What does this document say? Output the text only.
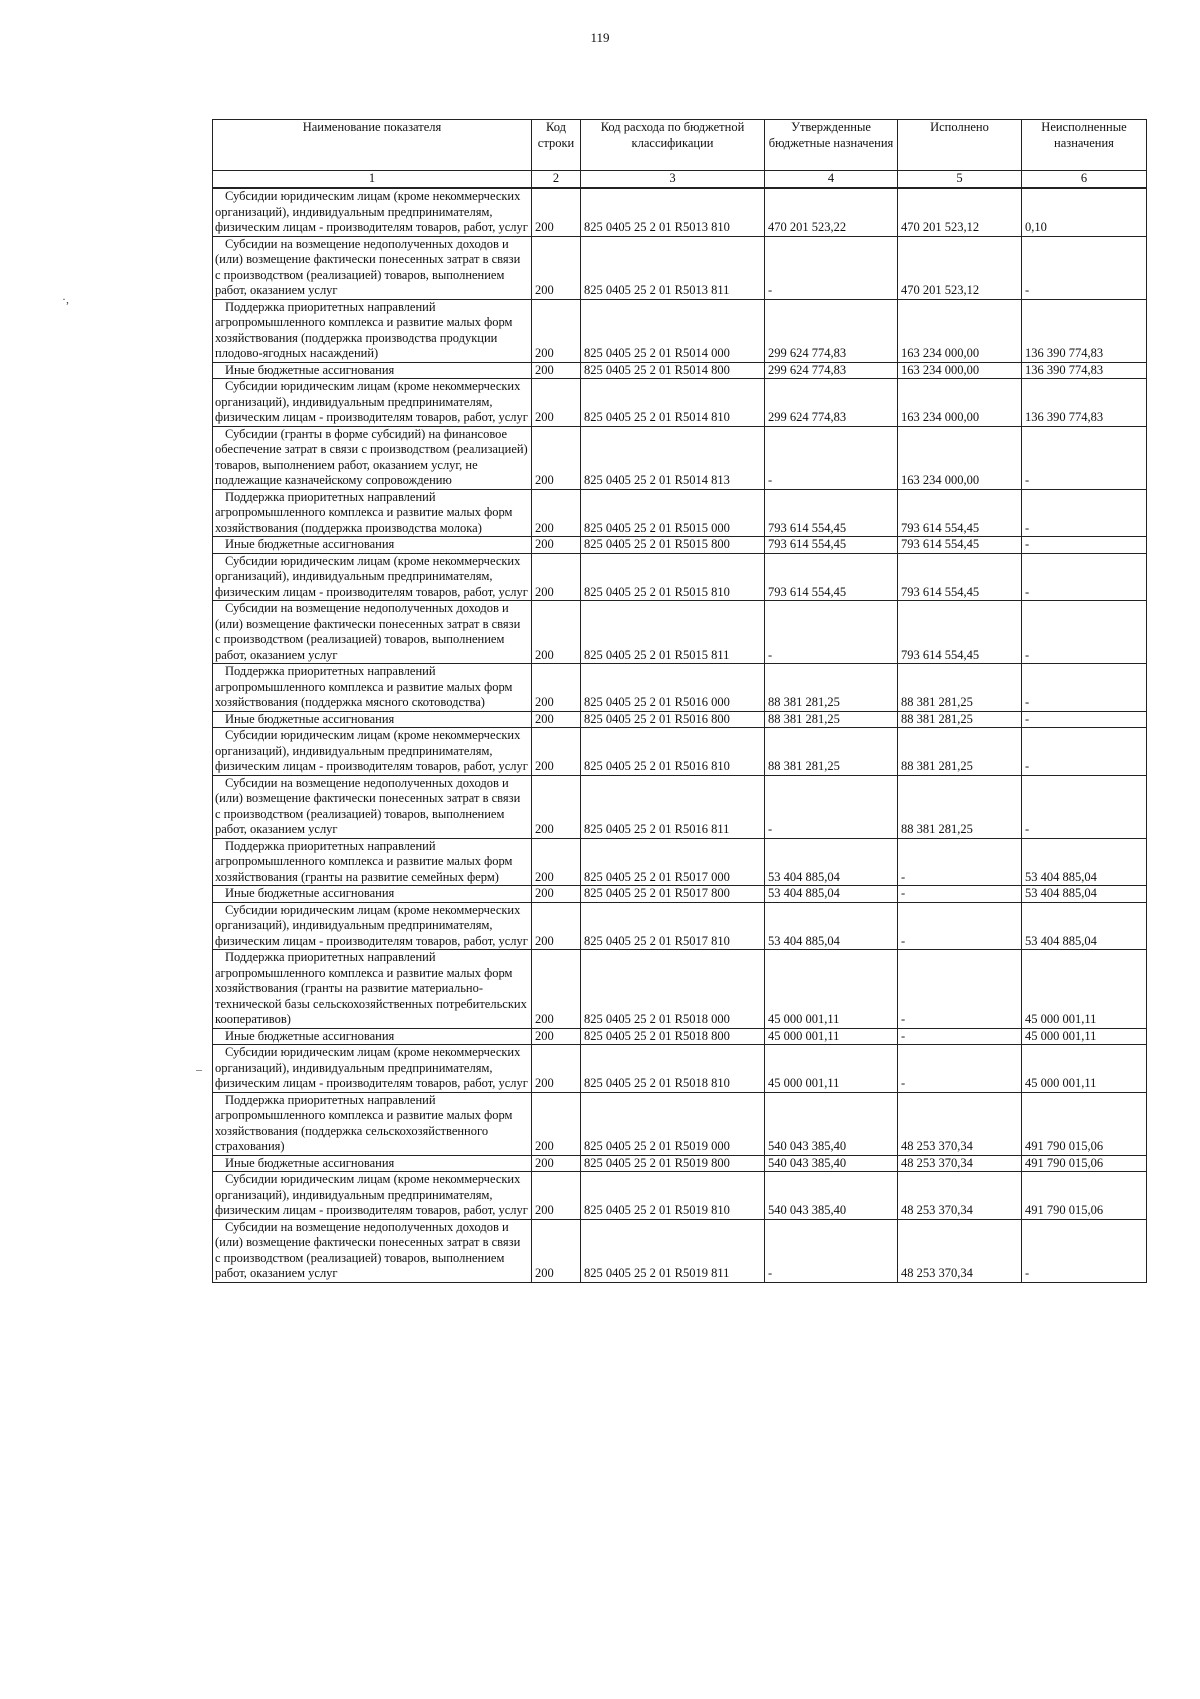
119
·,
–
Наименование показателя	Код строки	Код расхода по бюджетной классификации	Утвержденные бюджетные назначения	Исполнено	Неисполненные назначения
1	2	3	4	5	6
Субсидии юридическим лицам (кроме некоммерческих организаций), индивидуальным предпринимателям, физическим лицам - производителям товаров, работ, услуг	200	825 0405 25 2 01 R5013 810	470 201 523,22	470 201 523,12	0,10
Субсидии на возмещение недополученных доходов и (или) возмещение фактически понесенных затрат в связи с производством (реализацией) товаров, выполнением работ, оказанием услуг	200	825 0405 25 2 01 R5013 811	-	470 201 523,12	-
Поддержка приоритетных направлений агропромышленного комплекса и развитие малых форм хозяйствования (поддержка производства продукции плодово-ягодных насаждений)	200	825 0405 25 2 01 R5014 000	299 624 774,83	163 234 000,00	136 390 774,83
Иные бюджетные ассигнования	200	825 0405 25 2 01 R5014 800	299 624 774,83	163 234 000,00	136 390 774,83
Субсидии юридическим лицам (кроме некоммерческих организаций), индивидуальным предпринимателям, физическим лицам - производителям товаров, работ, услуг	200	825 0405 25 2 01 R5014 810	299 624 774,83	163 234 000,00	136 390 774,83
Субсидии (гранты в форме субсидий) на финансовое обеспечение затрат в связи с производством (реализацией) товаров, выполнением работ, оказанием услуг, не подлежащие казначейскому сопровождению	200	825 0405 25 2 01 R5014 813	-	163 234 000,00	-
Поддержка приоритетных направлений агропромышленного комплекса и развитие малых форм хозяйствования (поддержка производства молока)	200	825 0405 25 2 01 R5015 000	793 614 554,45	793 614 554,45	-
Иные бюджетные ассигнования	200	825 0405 25 2 01 R5015 800	793 614 554,45	793 614 554,45	-
Субсидии юридическим лицам (кроме некоммерческих организаций), индивидуальным предпринимателям, физическим лицам - производителям товаров, работ, услуг	200	825 0405 25 2 01 R5015 810	793 614 554,45	793 614 554,45	-
Субсидии на возмещение недополученных доходов и (или) возмещение фактически понесенных затрат в связи с производством (реализацией) товаров, выполнением работ, оказанием услуг	200	825 0405 25 2 01 R5015 811	-	793 614 554,45	-
Поддержка приоритетных направлений агропромышленного комплекса и развитие малых форм хозяйствования (поддержка мясного скотоводства)	200	825 0405 25 2 01 R5016 000	88 381 281,25	88 381 281,25	-
Иные бюджетные ассигнования	200	825 0405 25 2 01 R5016 800	88 381 281,25	88 381 281,25	-
Субсидии юридическим лицам (кроме некоммерческих организаций), индивидуальным предпринимателям, физическим лицам - производителям товаров, работ, услуг	200	825 0405 25 2 01 R5016 810	88 381 281,25	88 381 281,25	-
Субсидии на возмещение недополученных доходов и (или) возмещение фактически понесенных затрат в связи с производством (реализацией) товаров, выполнением работ, оказанием услуг	200	825 0405 25 2 01 R5016 811	-	88 381 281,25	-
Поддержка приоритетных направлений агропромышленного комплекса и развитие малых форм хозяйствования (гранты на развитие семейных ферм)	200	825 0405 25 2 01 R5017 000	53 404 885,04	-	53 404 885,04
Иные бюджетные ассигнования	200	825 0405 25 2 01 R5017 800	53 404 885,04	-	53 404 885,04
Субсидии юридическим лицам (кроме некоммерческих организаций), индивидуальным предпринимателям, физическим лицам - производителям товаров, работ, услуг	200	825 0405 25 2 01 R5017 810	53 404 885,04	-	53 404 885,04
Поддержка приоритетных направлений агропромышленного комплекса и развитие малых форм хозяйствования (гранты на развитие материально-технической базы сельскохозяйственных потребительских кооперативов)	200	825 0405 25 2 01 R5018 000	45 000 001,11	-	45 000 001,11
Иные бюджетные ассигнования	200	825 0405 25 2 01 R5018 800	45 000 001,11	-	45 000 001,11
Субсидии юридическим лицам (кроме некоммерческих организаций), индивидуальным предпринимателям, физическим лицам - производителям товаров, работ, услуг	200	825 0405 25 2 01 R5018 810	45 000 001,11	-	45 000 001,11
Поддержка приоритетных направлений агропромышленного комплекса и развитие малых форм хозяйствования (поддержка сельскохозяйственного страхования)	200	825 0405 25 2 01 R5019 000	540 043 385,40	48 253 370,34	491 790 015,06
Иные бюджетные ассигнования	200	825 0405 25 2 01 R5019 800	540 043 385,40	48 253 370,34	491 790 015,06
Субсидии юридическим лицам (кроме некоммерческих организаций), индивидуальным предпринимателям, физическим лицам - производителям товаров, работ, услуг	200	825 0405 25 2 01 R5019 810	540 043 385,40	48 253 370,34	491 790 015,06
Субсидии на возмещение недополученных доходов и (или) возмещение фактически понесенных затрат в связи с производством (реализацией) товаров, выполнением работ, оказанием услуг	200	825 0405 25 2 01 R5019 811	-	48 253 370,34	-
